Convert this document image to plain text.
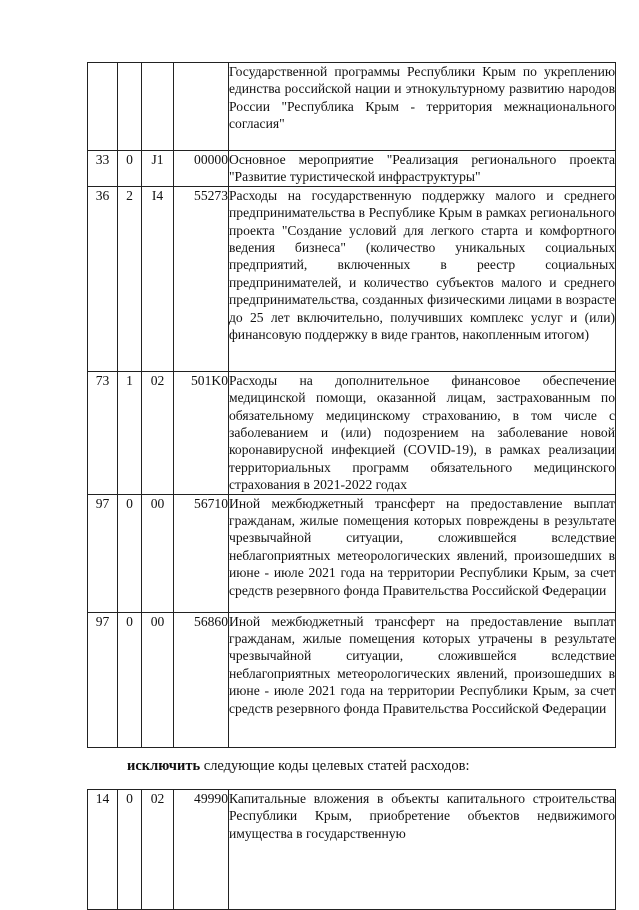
				Государственной программы Республики Крым по укреплению единства российской нации и этнокультурному развитию народов России "Республика Крым - территория межнационального согласия"

33	0	J1	00000	Основное мероприятие "Реализация регионального проекта "Развитие туристической инфраструктуры"

36	2	I4	55273	Расходы на государственную поддержку малого и среднего предпринимательства в Республике Крым в рамках регионального проекта "Создание условий для легкого старта и комфортного ведения бизнеса" (количество уникальных социальных предприятий, включенных в реестр социальных предпринимателей, и количество субъектов малого и среднего предпринимательства, созданных физическими лицами в возрасте до 25 лет включительно, получивших комплекс услуг и (или) финансовую поддержку в виде грантов, накопленным итогом)

73	1	02	501K0	Расходы на дополнительное финансовое обеспечение медицинской помощи, оказанной лицам, застрахованным по обязательному медицинскому страхованию, в том числе с заболеванием и (или) подозрением на заболевание новой коронавирусной инфекцией (COVID-19), в рамках реализации территориальных программ обязательного медицинского страхования в 2021-2022 годах

97	0	00	56710	Иной межбюджетный трансферт на предоставление выплат гражданам, жилые помещения которых повреждены в результате чрезвычайной ситуации, сложившейся вследствие неблагоприятных метеорологических явлений, произошедших в июне - июле 2021 года на территории Республики Крым, за счет средств резервного фонда Правительства Российской Федерации

97	0	00	56860	Иной межбюджетный трансферт на предоставление выплат гражданам, жилые помещения которых утрачены в результате чрезвычайной ситуации, сложившейся вследствие неблагоприятных метеорологических явлений, произошедших в июне - июле 2021 года на территории Республики Крым, за счет средств резервного фонда Правительства Российской Федерации
исключить следующие коды целевых статей расходов:
14	0	02	49990	Капитальные вложения в объекты капитального строительства Республики Крым, приобретение объектов недвижимого имущества в государственную
